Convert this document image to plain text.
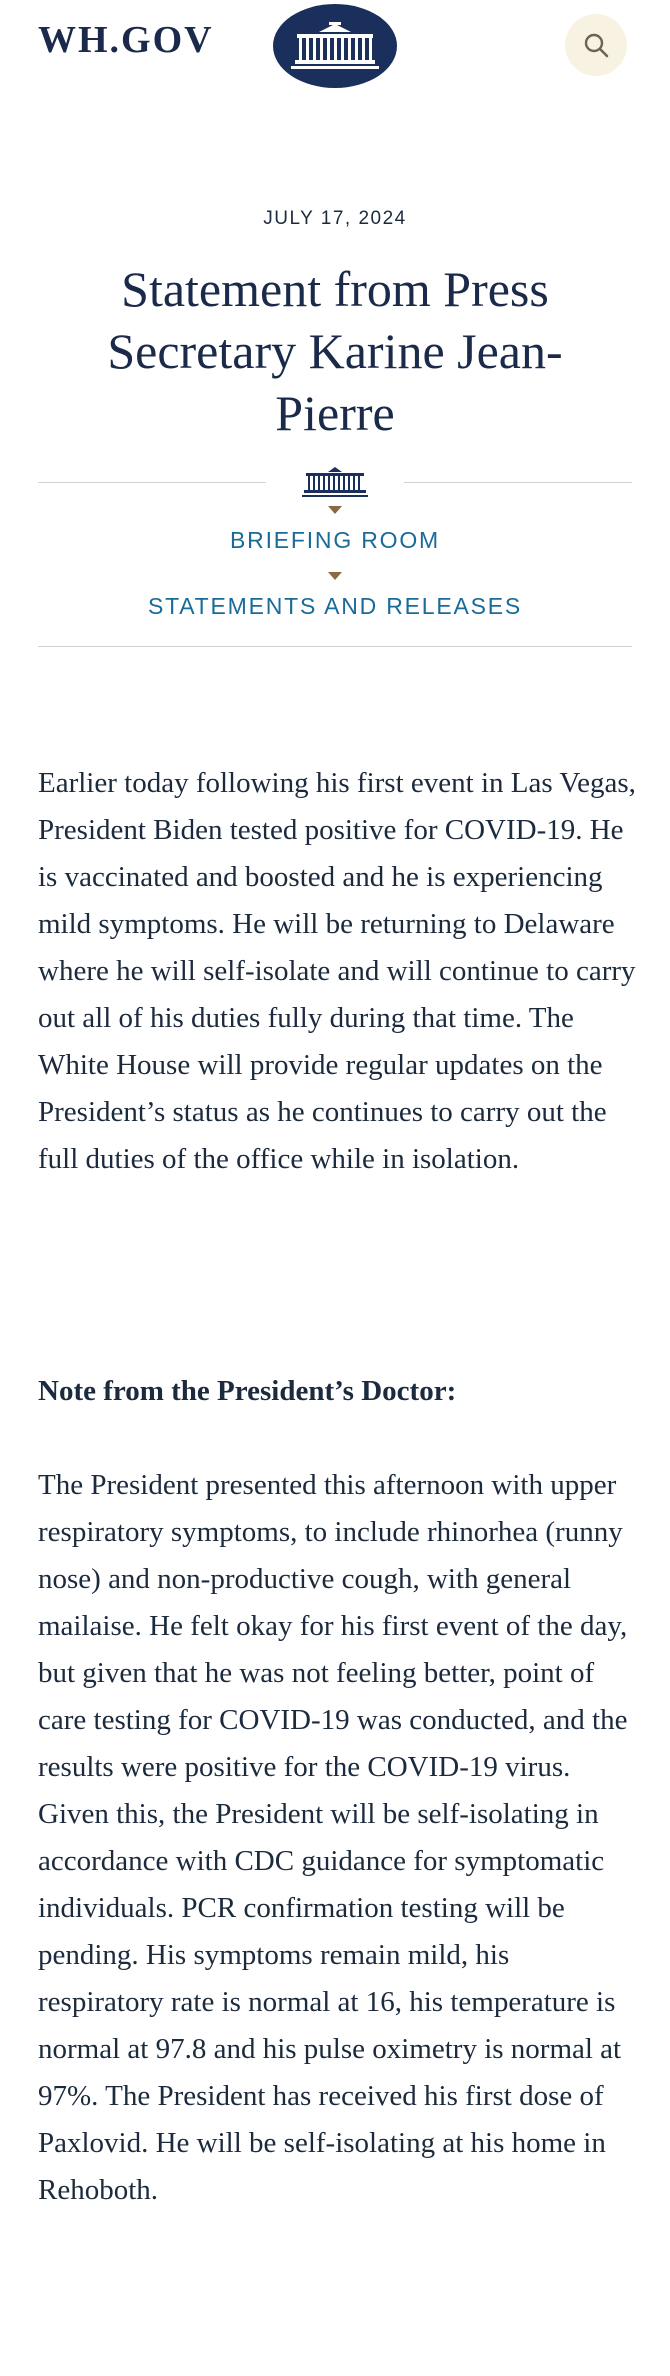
WH.GOV
JULY 17, 2024
Statement from Press Secretary Karine Jean-Pierre
BRIEFING ROOM
STATEMENTS AND RELEASES

Earlier today following his first event in Las Vegas, President Biden tested positive for COVID-19. He is vaccinated and boosted and he is experiencing mild symptoms. He will be returning to Delaware where he will self-isolate and will continue to carry out all of his duties fully during that time. The White House will provide regular updates on the President’s status as he continues to carry out the full duties of the office while in isolation.

Note from the President’s Doctor:

The President presented this afternoon with upper respiratory symptoms, to include rhinorhea (runny nose) and non-productive cough, with general mailaise. He felt okay for his first event of the day, but given that he was not feeling better, point of care testing for COVID-19 was conducted, and the results were positive for the COVID-19 virus. Given this, the President will be self-isolating in accordance with CDC guidance for symptomatic individuals. PCR confirmation testing will be pending. His symptoms remain mild, his respiratory rate is normal at 16, his temperature is normal at 97.8 and his pulse oximetry is normal at 97%. The President has received his first dose of Paxlovid. He will be self-isolating at his home in Rehoboth.
